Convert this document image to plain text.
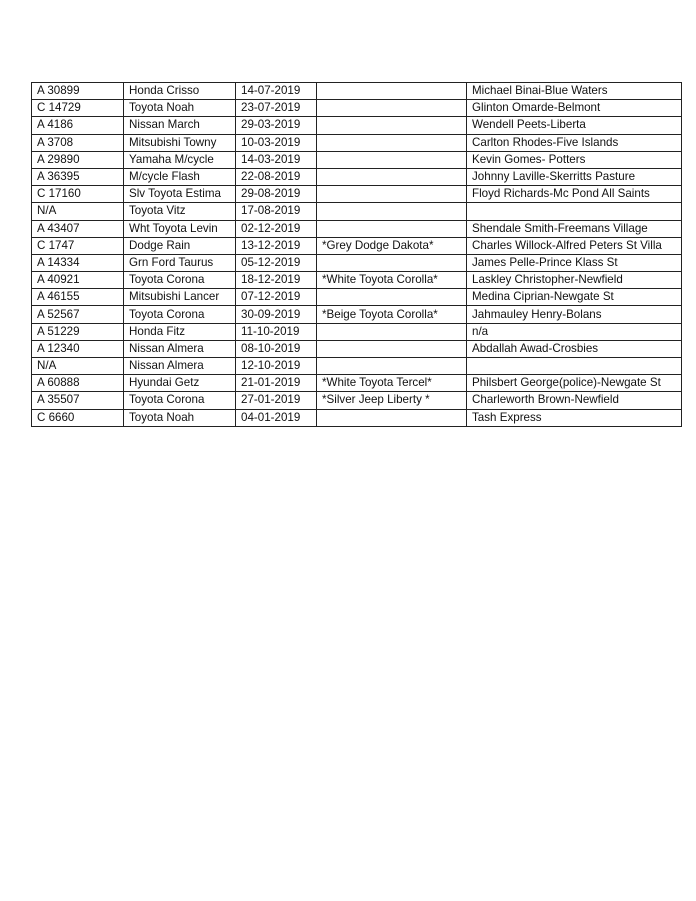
A 30899	Honda Crisso	14-07-2019		Michael Binai-Blue Waters
C 14729	Toyota Noah	23-07-2019		Glinton Omarde-Belmont
A 4186	Nissan March	29-03-2019		Wendell Peets-Liberta
A 3708	Mitsubishi Towny	10-03-2019		Carlton Rhodes-Five Islands
A 29890	Yamaha M/cycle	14-03-2019		Kevin Gomes- Potters
A 36395	M/cycle Flash	22-08-2019		Johnny Laville-Skerritts Pasture
C 17160	Slv Toyota Estima	29-08-2019		Floyd Richards-Mc Pond All Saints
N/A	Toyota Vitz	17-08-2019		
A 43407	Wht Toyota Levin	02-12-2019		Shendale Smith-Freemans Village
C 1747	Dodge Rain	13-12-2019	*Grey Dodge Dakota*	Charles Willock-Alfred Peters St Villa
A 14334	Grn Ford Taurus	05-12-2019		James Pelle-Prince Klass St
A 40921	Toyota Corona	18-12-2019	*White Toyota Corolla*	Laskley Christopher-Newfield
A 46155	Mitsubishi Lancer	07-12-2019		Medina Ciprian-Newgate St
A 52567	Toyota Corona	30-09-2019	*Beige Toyota Corolla*	Jahmauley Henry-Bolans
A 51229	Honda Fitz	11-10-2019		n/a
A 12340	Nissan Almera	08-10-2019		Abdallah Awad-Crosbies
N/A	Nissan Almera	12-10-2019		
A 60888	Hyundai Getz	21-01-2019	*White Toyota Tercel*	Philsbert George(police)-Newgate St
A 35507	Toyota Corona	27-01-2019	*Silver Jeep Liberty *	Charleworth Brown-Newfield
C 6660	Toyota Noah	04-01-2019		Tash Express
